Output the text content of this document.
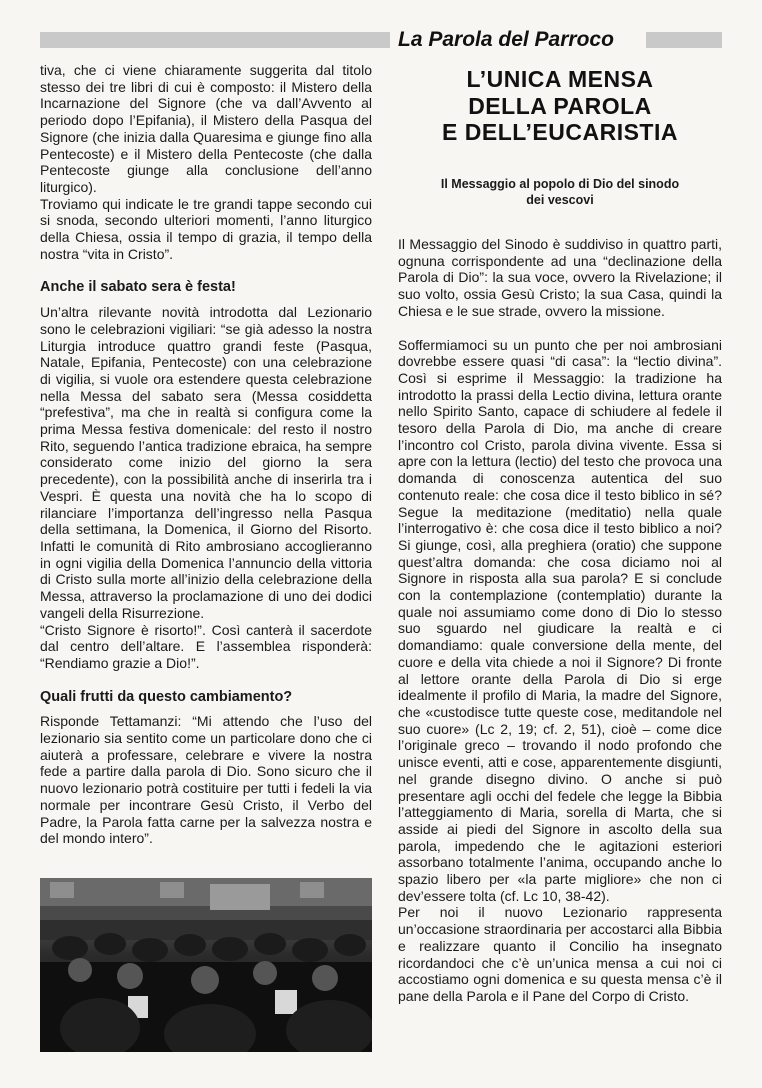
La Parola del Parroco

tiva, che ci viene chiaramente suggerita dal titolo stesso dei tre libri di cui è composto: il Mistero della Incarnazione del Signore (che va dall’Avvento al periodo dopo l’Epifania), il Mistero della Pasqua del Signore (che inizia dalla Quaresima e giunge fino alla Pentecoste) e il Mistero della Pentecoste (che dalla Pentecoste giunge alla conclusione dell’anno liturgico).

Troviamo qui indicate le tre grandi tappe secondo cui si snoda, secondo ulteriori momenti, l’anno liturgico della Chiesa, ossia il tempo di grazia, il tempo della nostra “vita in Cristo”.

Anche il sabato sera è festa!

Un’altra rilevante novità introdotta dal Lezionario sono le celebrazioni vigiliari: “se già adesso la nostra Liturgia introduce quattro grandi feste (Pasqua, Natale, Epifania, Pentecoste) con una celebrazione di vigilia, si vuole ora estendere questa celebrazione nella Messa del sabato sera (Messa cosiddetta “prefestiva”, ma che in realtà si configura come la prima Messa festiva domenicale: del resto il nostro Rito, seguendo l’antica tradizione ebraica, ha sempre considerato come inizio del giorno la sera precedente), con la possibilità anche di inserirla tra i Vespri. È questa una novità che ha lo scopo di rilanciare l’importanza dell’ingresso nella Pasqua della settimana, la Domenica, il Giorno del Risorto. Infatti le comunità di Rito ambrosiano accoglieranno in ogni vigilia della Domenica l’annuncio della vittoria di Cristo sulla morte all’inizio della celebrazione della Messa, attraverso la proclamazione di uno dei dodici vangeli della Risurrezione.

“Cristo Signore è risorto!”. Così canterà il sacerdote dal centro dell’altare. E l’assemblea risponderà: “Rendiamo grazie a Dio!”.

Quali frutti da questo cambiamento?

Risponde Tettamanzi: “Mi attendo che l’uso del lezionario sia sentito come un particolare dono che ci aiuterà a professare, celebrare e vivere la nostra fede a partire dalla parola di Dio. Sono sicuro che il nuovo lezionario potrà costituire per tutti i fedeli la via normale per incontrare Gesù Cristo, il Verbo del Padre, la Parola fatta carne per la salvezza nostra e del mondo intero”.

L’UNICA MENSA
DELLA PAROLA
E DELL’EUCARISTIA
Il Messaggio al popolo di Dio del sinodo
dei vescovi

Il Messaggio del Sinodo è suddiviso in quattro parti, ognuna corrispondente ad una “declinazione della Parola di Dio”: la sua voce, ovvero la Rivelazione; il suo volto, ossia Gesù Cristo; la sua Casa, quindi la Chiesa e le sue strade, ovvero la missione.

Soffermiamoci su un punto che per noi ambrosiani dovrebbe essere quasi “di casa”: la “lectio divina”. Così si esprime il Messaggio: la tradizione ha introdotto la prassi della Lectio divina, lettura orante nello Spirito Santo, capace di schiudere al fedele il tesoro della Parola di Dio, ma anche di creare l’incontro col Cristo, parola divina vivente. Essa si apre con la lettura (lectio) del testo che provoca una domanda di conoscenza autentica del suo contenuto reale: che cosa dice il testo biblico in sé? Segue la meditazione (meditatio) nella quale l’interrogativo è: che cosa dice il testo biblico a noi? Si giunge, così, alla preghiera (oratio) che suppone quest’altra domanda: che cosa diciamo noi al Signore in risposta alla sua parola? E si conclude con la contemplazione (contemplatio) durante la quale noi assumiamo come dono di Dio lo stesso suo sguardo nel giudicare la realtà e ci domandiamo: quale conversione della mente, del cuore e della vita chiede a noi il Signore? Di fronte al lettore orante della Parola di Dio si erge idealmente il profilo di Maria, la madre del Signore, che «custodisce tutte queste cose, meditandole nel suo cuore» (Lc 2, 19; cf. 2, 51), cioè – come dice l’originale greco – trovando il nodo profondo che unisce eventi, atti e cose, apparentemente disgiunti, nel grande disegno divino. O anche si può presentare agli occhi del fedele che legge la Bibbia l’atteggiamento di Maria, sorella di Marta, che si asside ai piedi del Signore in ascolto della sua parola, impedendo che le agitazioni esteriori assorbano totalmente l’anima, occupando anche lo spazio libero per «la parte migliore» che non ci dev’essere tolta (cf. Lc 10, 38-42).

Per noi il nuovo Lezionario rappresenta un’occasione straordinaria per accostarci alla Bibbia e realizzare quanto il Concilio ha insegnato ricordandoci che c’è un’unica mensa a cui noi ci accostiamo ogni domenica e su questa mensa c’è il pane della Parola e il Pane del Corpo di Cristo.
